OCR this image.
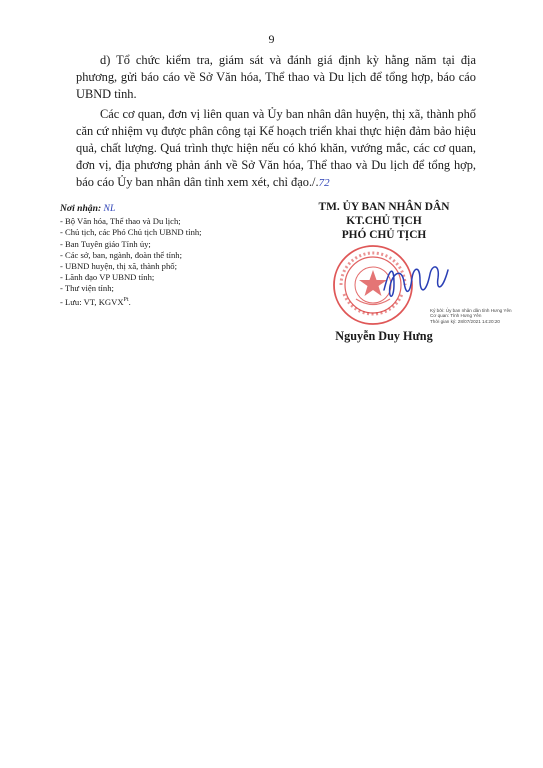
9

d) Tổ chức kiểm tra, giám sát và đánh giá định kỳ hằng năm tại địa phương, gửi báo cáo về Sở Văn hóa, Thể thao và Du lịch để tổng hợp, báo cáo UBND tỉnh.

Các cơ quan, đơn vị liên quan và Ủy ban nhân dân huyện, thị xã, thành phố căn cứ nhiệm vụ được phân công tại Kế hoạch triển khai thực hiện đảm bảo hiệu quả, chất lượng. Quá trình thực hiện nếu có khó khăn, vướng mắc, các cơ quan, đơn vị, địa phương phản ánh về Sở Văn hóa, Thể thao và Du lịch để tổng hợp, báo cáo Ủy ban nhân dân tỉnh xem xét, chỉ đạo./.72

Nơi nhận: NL
- Bộ Văn hóa, Thể thao và Du lịch;
- Chủ tịch, các Phó Chủ tịch UBND tỉnh;
- Ban Tuyên giáo Tỉnh ủy;
- Các sở, ban, ngành, đoàn thể tỉnh;
- UBND huyện, thị xã, thành phố;
- Lãnh đạo VP UBND tỉnh;
- Thư viện tỉnh;
- Lưu: VT, $KGVX^{Pt}$.
TM. ỦY BAN NHÂN DÂN
KT.CHỦ TỊCH
PHÓ CHỦ TỊCH
Ký bởi: Ủy ban nhân dân tỉnh Hưng Yên
Cơ quan: Tỉnh Hưng Yên
Thời gian ký: 28/07/2021 14:20:20
Nguyễn Duy Hưng
